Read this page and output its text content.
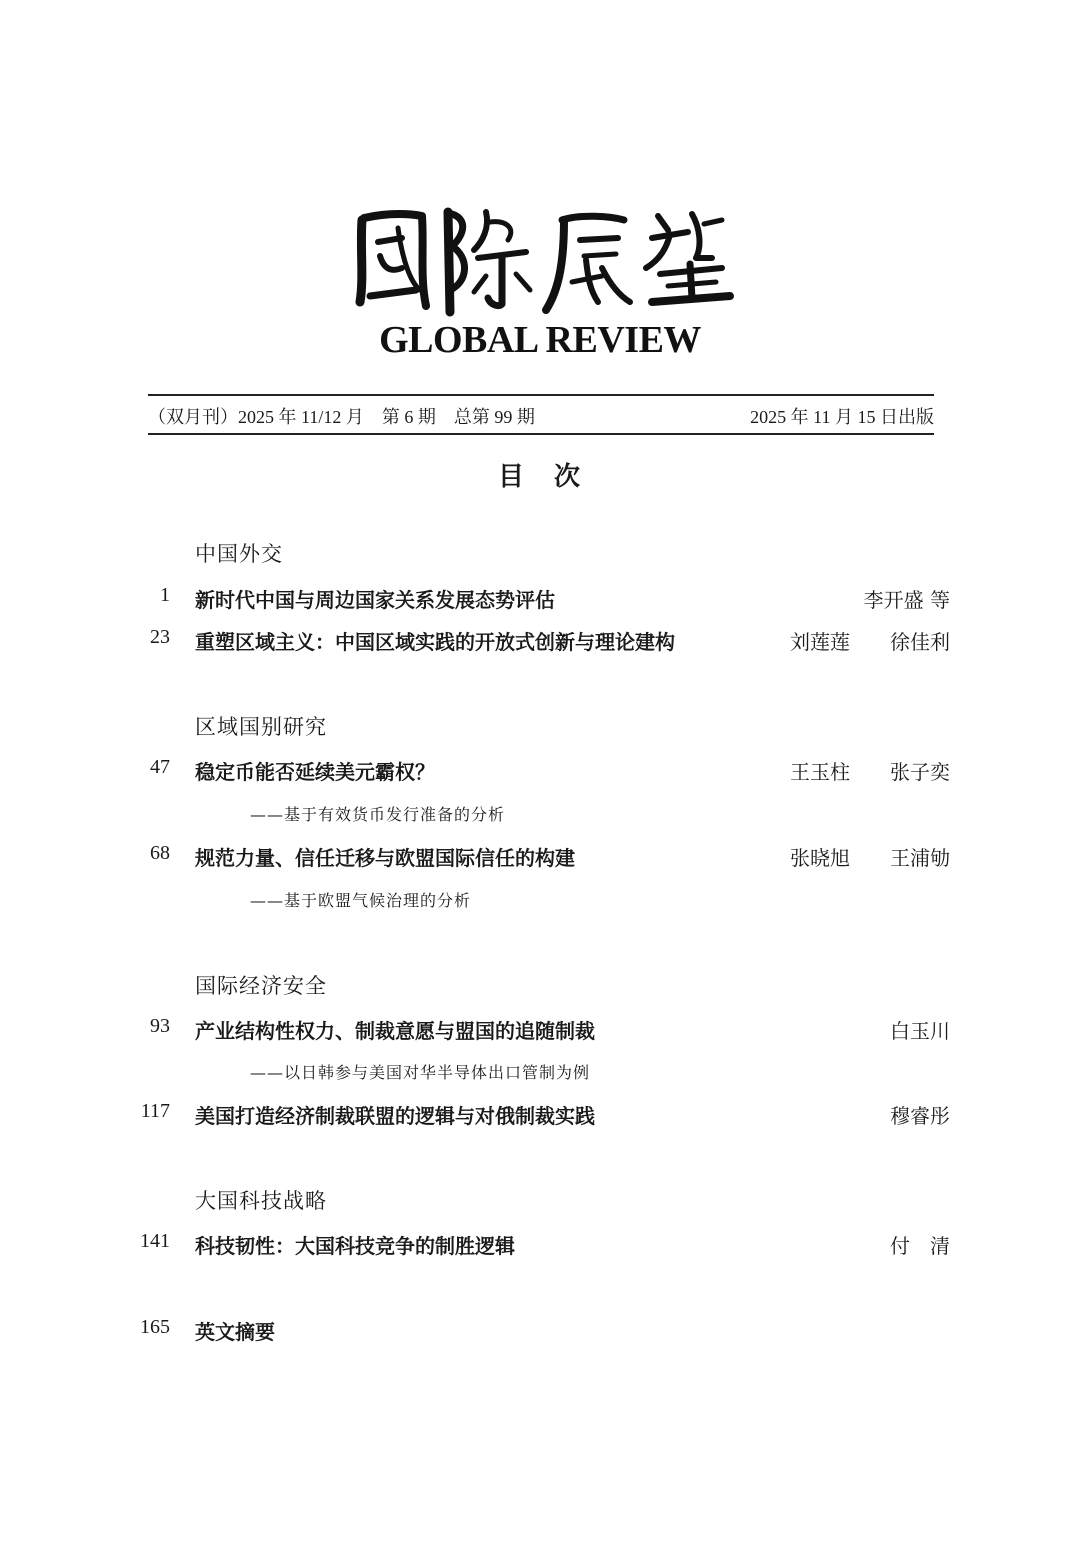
GLOBAL REVIEW
（双月刊）2025 年 11/12 月　第 6 期　总第 99 期	2025 年 11 月 15 日出版
目　次
中国外交
1 新时代中国与周边国家关系发展态势评估	李开盛 等
23 重塑区域主义：中国区域实践的开放式创新与理论建构	刘莲莲　　徐佳利
区域国别研究
47 稳定币能否延续美元霸权？	王玉柱　　张子奕
——基于有效货币发行准备的分析
68 规范力量、信任迁移与欧盟国际信任的构建	张晓旭　　王浦劬
——基于欧盟气候治理的分析
国际经济安全
93 产业结构性权力、制裁意愿与盟国的追随制裁	白玉川
——以日韩参与美国对华半导体出口管制为例
117 美国打造经济制裁联盟的逻辑与对俄制裁实践	穆睿彤
大国科技战略
141 科技韧性：大国科技竞争的制胜逻辑	付　清
165 英文摘要
